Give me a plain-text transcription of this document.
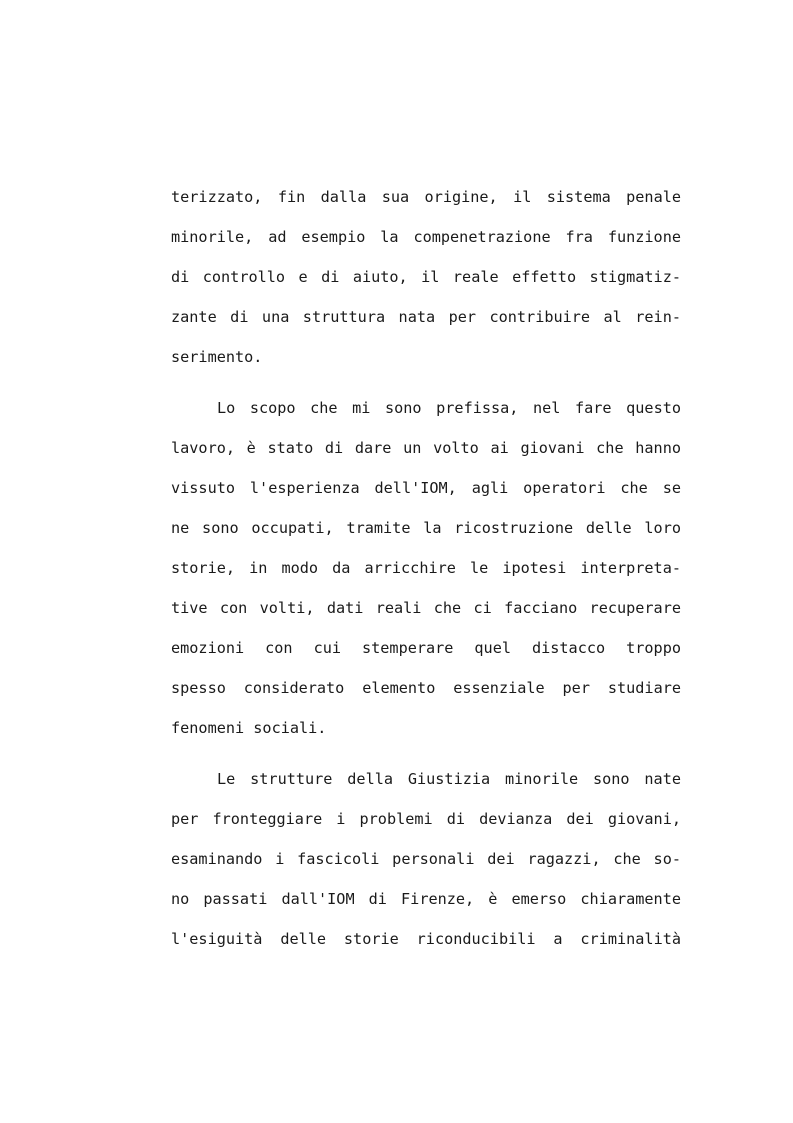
terizzato, fin dalla sua origine, il sistema penale
minorile, ad esempio la compenetrazione fra funzione
di controllo e di aiuto, il reale effetto stigmatiz-
zante di una struttura nata per contribuire al rein-
serimento.

Lo scopo che mi sono prefissa, nel fare questo
lavoro, è stato di dare un volto ai giovani che hanno
vissuto l'esperienza dell'IOM, agli operatori che se
ne sono occupati, tramite la ricostruzione delle loro
storie, in modo da arricchire le ipotesi interpreta-
tive con volti, dati reali che ci facciano recuperare
emozioni con cui stemperare quel distacco troppo
spesso considerato elemento essenziale per studiare
fenomeni sociali.

Le strutture della Giustizia minorile sono nate
per fronteggiare i problemi di devianza dei giovani,
esaminando i fascicoli personali dei ragazzi, che so-
no passati dall'IOM di Firenze, è emerso chiaramente
l'esiguità delle storie riconducibili a criminalità
